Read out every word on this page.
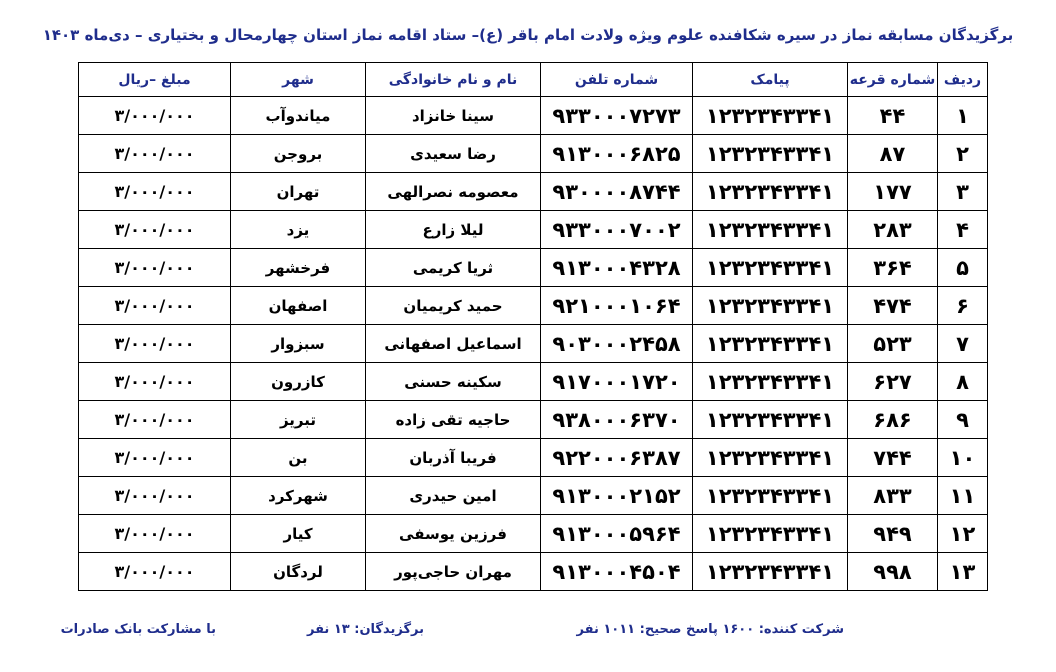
برگزیدگان مسابقه نماز در سیره شکافنده علوم ویژه ولادت امام باقر (ع)– ستاد اقامه نماز استان چهارمحال و بختیاری – دی‌ماه ۱۴۰۳
ردیف	شماره قرعه	پیامک	شماره تلفن	نام و نام خانوادگی	شهر	مبلغ –ریال
۱	۴۴	۱۲۳۲۳۴۳۳۴۱	۹۳۳۰۰۰۷۲۷۳	سینا خانزاد	میاندوآب	۳/۰۰۰/۰۰۰
۲	۸۷	۱۲۳۲۳۴۳۳۴۱	۹۱۳۰۰۰۶۸۲۵	رضا سعیدی	بروجن	۳/۰۰۰/۰۰۰
۳	۱۷۷	۱۲۳۲۳۴۳۳۴۱	۹۳۰۰۰۰۸۷۴۴	معصومه نصرالهی	تهران	۳/۰۰۰/۰۰۰
۴	۲۸۳	۱۲۳۲۳۴۳۳۴۱	۹۳۳۰۰۰۷۰۰۲	لیلا زارع	یزد	۳/۰۰۰/۰۰۰
۵	۳۶۴	۱۲۳۲۳۴۳۳۴۱	۹۱۳۰۰۰۴۳۲۸	ثریا کریمی	فرخشهر	۳/۰۰۰/۰۰۰
۶	۴۷۴	۱۲۳۲۳۴۳۳۴۱	۹۲۱۰۰۰۱۰۶۴	حمید کریمیان	اصفهان	۳/۰۰۰/۰۰۰
۷	۵۲۳	۱۲۳۲۳۴۳۳۴۱	۹۰۳۰۰۰۲۴۵۸	اسماعیل اصفهانی	سبزوار	۳/۰۰۰/۰۰۰
۸	۶۲۷	۱۲۳۲۳۴۳۳۴۱	۹۱۷۰۰۰۱۷۲۰	سکینه حسنی	کازرون	۳/۰۰۰/۰۰۰
۹	۶۸۶	۱۲۳۲۳۴۳۳۴۱	۹۳۸۰۰۰۶۳۷۰	حاجیه تقی زاده	تبریز	۳/۰۰۰/۰۰۰
۱۰	۷۴۴	۱۲۳۲۳۴۳۳۴۱	۹۲۲۰۰۰۶۳۸۷	فریبا آذربان	بن	۳/۰۰۰/۰۰۰
۱۱	۸۳۳	۱۲۳۲۳۴۳۳۴۱	۹۱۳۰۰۰۲۱۵۲	امین حیدری	شهرکرد	۳/۰۰۰/۰۰۰
۱۲	۹۴۹	۱۲۳۲۳۴۳۳۴۱	۹۱۳۰۰۰۵۹۶۴	فرزین یوسفی	کیار	۳/۰۰۰/۰۰۰
۱۳	۹۹۸	۱۲۳۲۳۴۳۳۴۱	۹۱۳۰۰۰۴۵۰۴	مهران حاجی‌پور	لردگان	۳/۰۰۰/۰۰۰
شرکت کننده: ۱۶۰۰ پاسخ صحیح: ۱۰۱۱ نفر
برگزیدگان: ۱۳ نفر
با مشارکت بانک صادرات
